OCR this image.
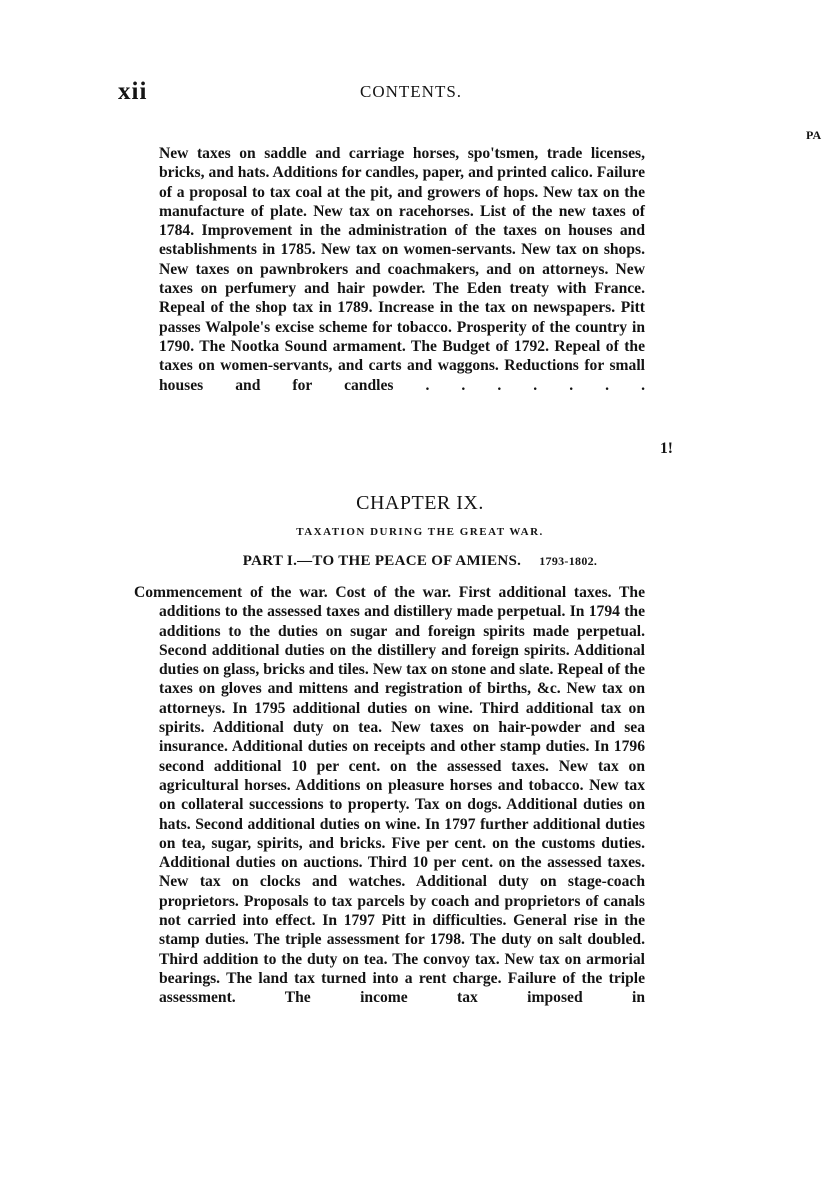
xii	CONTENTS.
PA

New taxes on saddle and carriage horses, spo'tsmen, trade licenses, bricks, and hats. Additions for candles, paper, and printed calico. Failure of a proposal to tax coal at the pit, and growers of hops. New tax on the manufacture of plate. New tax on racehorses. List of the new taxes of 1784. Improvement in the administration of the taxes on houses and establishments in 1785. New tax on women-servants. New tax on shops. New taxes on pawnbrokers and coachmakers, and on attorneys. New taxes on perfumery and hair powder. The Eden treaty with France. Repeal of the shop tax in 1789. Increase in the tax on newspapers. Pitt passes Walpole's excise scheme for tobacco. Prosperity of the country in 1790. The Nootka Sound armament. The Budget of 1792. Repeal of the taxes on women-servants, and carts and waggons. Reductions for small houses and for candles . . . . . . .

1!
CHAPTER IX.
TAXATION DURING THE GREAT WAR.
PART I.—TO THE PEACE OF AMIENS. 1793-1802.

Commencement of the war. Cost of the war. First additional taxes. The additions to the assessed taxes and distillery made perpetual. In 1794 the additions to the duties on sugar and foreign spirits made perpetual. Second additional duties on the distillery and foreign spirits. Additional duties on glass, bricks and tiles. New tax on stone and slate. Repeal of the taxes on gloves and mittens and registration of births, &c. New tax on attorneys. In 1795 additional duties on wine. Third additional tax on spirits. Additional duty on tea. New taxes on hair-powder and sea insurance. Additional duties on receipts and other stamp duties. In 1796 second additional 10 per cent. on the assessed taxes. New tax on agricultural horses. Additions on pleasure horses and tobacco. New tax on collateral successions to property. Tax on dogs. Additional duties on hats. Second additional duties on wine. In 1797 further additional duties on tea, sugar, spirits, and bricks. Five per cent. on the customs duties. Additional duties on auctions. Third 10 per cent. on the assessed taxes. New tax on clocks and watches. Additional duty on stage-coach proprietors. Proposals to tax parcels by coach and proprietors of canals not carried into effect. In 1797 Pitt in difficulties. General rise in the stamp duties. The triple assessment for 1798. The duty on salt doubled. Third addition to the duty on tea. The convoy tax. New tax on armorial bearings. The land tax turned into a rent charge. Failure of the triple assessment. The income tax imposed in
